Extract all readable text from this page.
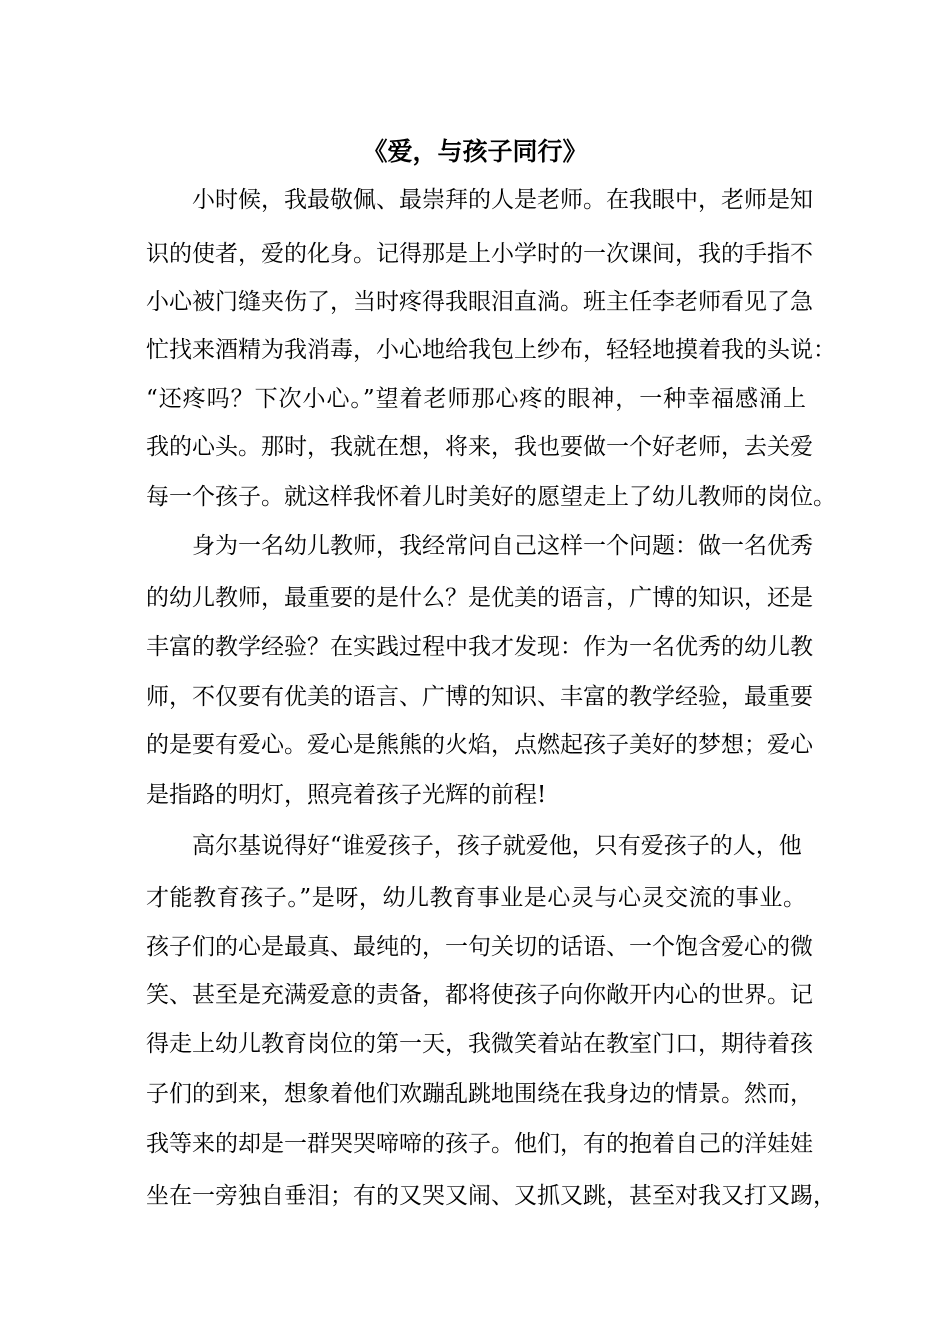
《爱，与孩子同行》
小时候，我最敬佩、最崇拜的人是老师。在我眼中，老师是知
识的使者，爱的化身。记得那是上小学时的一次课间，我的手指不
小心被门缝夹伤了，当时疼得我眼泪直淌。班主任李老师看见了急
忙找来酒精为我消毒，小心地给我包上纱布，轻轻地摸着我的头说：
“还疼吗？下次小心。”望着老师那心疼的眼神，一种幸福感涌上
我的心头。那时，我就在想，将来，我也要做一个好老师，去关爱
每一个孩子。就这样我怀着儿时美好的愿望走上了幼儿教师的岗位。
身为一名幼儿教师，我经常问自己这样一个问题：做一名优秀
的幼儿教师，最重要的是什么？是优美的语言，广博的知识，还是
丰富的教学经验？在实践过程中我才发现：作为一名优秀的幼儿教
师，不仅要有优美的语言、广博的知识、丰富的教学经验，最重要
的是要有爱心。爱心是熊熊的火焰，点燃起孩子美好的梦想；爱心
是指路的明灯，照亮着孩子光辉的前程!
高尔基说得好“谁爱孩子，孩子就爱他，只有爱孩子的人，他
才能教育孩子。”是呀，幼儿教育事业是心灵与心灵交流的事业。
孩子们的心是最真、最纯的，一句关切的话语、一个饱含爱心的微
笑、甚至是充满爱意的责备，都将使孩子向你敞开内心的世界。记
得走上幼儿教育岗位的第一天，我微笑着站在教室门口，期待着孩
子们的到来，想象着他们欢蹦乱跳地围绕在我身边的情景。然而，
我等来的却是一群哭哭啼啼的孩子。他们，有的抱着自己的洋娃娃
坐在一旁独自垂泪；有的又哭又闹、又抓又跳，甚至对我又打又踢，
